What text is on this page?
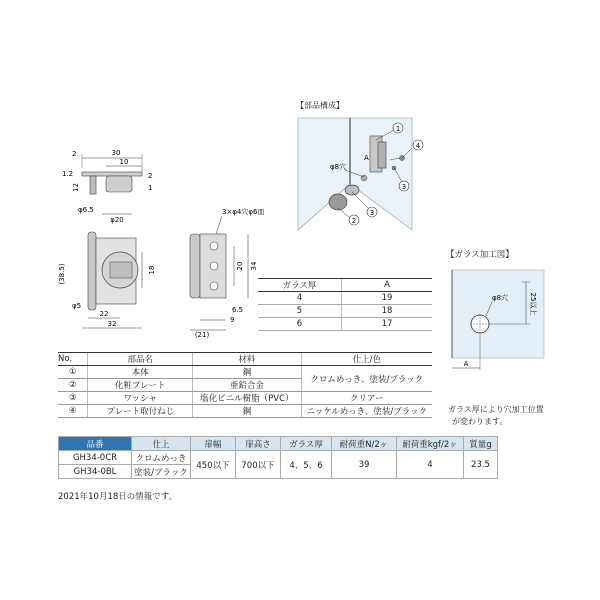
【部品構成】
1
4
3
2
3
φ8穴
A
【ガラス加工図】
φ8穴	25以上
A
ガラス厚により穴加工位置
が変わります。
30
2
10
1.2
12
2
1
φ6.5
φ20
(38.5)	18
φ5
22
32
3×φ4穴φ6皿
20 34
6.5
9
(21)
ガラス厚	A
4	19
5	18
6	17
No.	部品名	材料	仕上/色
①	本体	鋼	クロムめっき、塗装/ブラック
②	化粧プレート	亜鉛合金	
③	ワッシャ	塩化ビニル樹脂（PVC）	クリアー
④	プレート取付ねじ	鋼	ニッケルめっき、塗装/ブラック
品番	仕上	扉幅	扉高さ	ガラス厚	耐荷重N/2ヶ	耐荷重kgf/2ヶ	質量g
GH34-0CR	クロムめっき	450以下	700以下	4、5、6	39	4	23.5
GH34-0BL	塗装/ブラック						
2021年10月18日の情報です。
